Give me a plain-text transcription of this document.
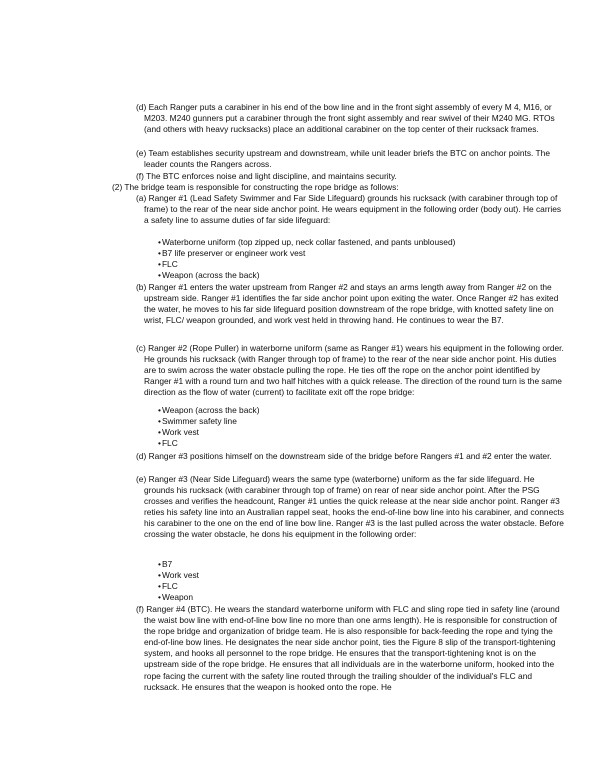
(d) Each Ranger puts a carabiner in his end of the bow line and in the front sight assembly of every M 4, M16, or M203. M240 gunners put a carabiner through the front sight assembly and rear swivel of their M240 MG. RTOs (and others with heavy rucksacks) place an additional carabiner on the top center of their rucksack frames.

(e) Team establishes security upstream and downstream, while unit leader briefs the BTC on anchor points. The leader counts the Rangers across.

(f) The BTC enforces noise and light discipline, and maintains security.

(2) The bridge team is responsible for constructing the rope bridge as follows:

(a) Ranger #1 (Lead Safety Swimmer and Far Side Lifeguard) grounds his rucksack (with carabiner through top of frame) to the rear of the near side anchor point. He wears equipment in the following order (body out). He carries a safety line to assume duties of far side lifeguard:

• Waterborne uniform (top zipped up, neck collar fastened, and pants unbloused)
• B7 life preserver or engineer work vest
• FLC
• Weapon (across the back)

(b) Ranger #1 enters the water upstream from Ranger #2 and stays an arms length away from Ranger #2 on the upstream side. Ranger #1 identifies the far side anchor point upon exiting the water. Once Ranger #2 has exited the water, he moves to his far side lifeguard position downstream of the rope bridge, with knotted safety line on wrist, FLC/ weapon grounded, and work vest held in throwing hand. He continues to wear the B7.

(c) Ranger #2 (Rope Puller) in waterborne uniform (same as Ranger #1) wears his equipment in the following order. He grounds his rucksack (with Ranger through top of frame) to the rear of the near side anchor point. His duties are to swim across the water obstacle pulling the rope. He ties off the rope on the anchor point identified by Ranger #1 with a round turn and two half hitches with a quick release. The direction of the round turn is the same direction as the flow of water (current) to facilitate exit off the rope bridge:

• Weapon (across the back)
• Swimmer safety line
• Work vest
• FLC

(d) Ranger #3 positions himself on the downstream side of the bridge before Rangers #1 and #2 enter the water.

(e) Ranger #3 (Near Side Lifeguard) wears the same type (waterborne) uniform as the far side lifeguard. He grounds his rucksack (with carabiner through top of frame) on rear of near side anchor point. After the PSG crosses and verifies the headcount, Ranger #1 unties the quick release at the near side anchor point. Ranger #3 reties his safety line into an Australian rappel seat, hooks the end-of-line bow line into his carabiner, and connects his carabiner to the one on the end of line bow line. Ranger #3 is the last pulled across the water obstacle. Before crossing the water obstacle, he dons his equipment in the following order:

• B7
• Work vest
• FLC
• Weapon

(f) Ranger #4 (BTC). He wears the standard waterborne uniform with FLC and sling rope tied in safety line (around the waist bow line with end-of-line bow line no more than one arms length). He is responsible for construction of the rope bridge and organization of bridge team. He is also responsible for back-feeding the rope and tying the end-of-line bow lines. He designates the near side anchor point, ties the Figure 8 slip of the transport-tightening system, and hooks all personnel to the rope bridge. He ensures that the transport-tightening knot is on the upstream side of the rope bridge. He ensures that all individuals are in the waterborne uniform, hooked into the rope facing the current with the safety line routed through the trailing shoulder of the individual's FLC and rucksack. He ensures that the weapon is hooked onto the rope. He
